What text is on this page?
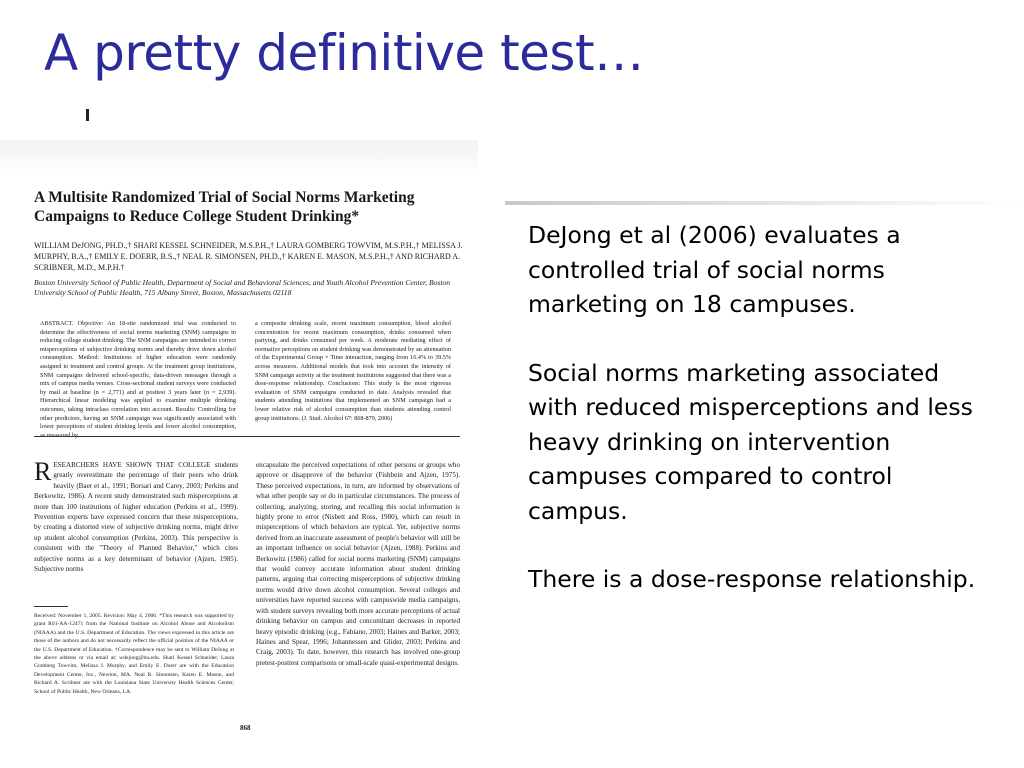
A pretty definitive test…
A Multisite Randomized Trial of Social Norms Marketing Campaigns to Reduce College Student Drinking*
WILLIAM DeJONG, PH.D.,† SHARI KESSEL SCHNEIDER, M.S.P.H.,† LAURA GOMBERG TOWVIM, M.S.P.H.,† MELISSA J. MURPHY, B.A.,† EMILY E. DOERR, B.S.,† NEAL R. SIMONSEN, PH.D.,† KAREN E. MASON, M.S.P.H.,† AND RICHARD A. SCRIBNER, M.D., M.P.H.†
Boston University School of Public Health, Department of Social and Behavioral Sciences, and Youth Alcohol Prevention Center, Boston University School of Public Health, 715 Albany Street, Boston, Massachusetts 02118
ABSTRACT. Objective: An 18-site randomized trial was conducted to determine the effectiveness of social norms marketing (SNM) campaigns in reducing college student drinking. The SNM campaigns are intended to correct misperceptions of subjective drinking norms and thereby drive down alcohol consumption. Method: Institutions of higher education were randomly assigned to treatment and control groups. At the treatment group institutions, SNM campaigns delivered school-specific, data-driven messages through a mix of campus media venues. Cross-sectional student surveys were conducted by mail at baseline (n = 2,771) and at posttest 3 years later (n = 2,939). Hierarchical linear modeling was applied to examine multiple drinking outcomes, taking intraclass correlation into account. Results: Controlling for other predictors, having an SNM campaign was significantly associated with lower perceptions of student drinking levels and lower alcohol consumption,
a composite drinking scale, recent maximum consumption, blood alcohol concentration for recent maximum consumption, drinks consumed when partying, and drinks consumed per week. A moderate mediating effect of normative perceptions on student drinking was demonstrated by an attenuation of the Experimental Group × Time interaction, ranging from 16.4% to 39.5% across measures. Additional models that took into account the intensity of SNM campaign activity at the treatment institutions suggested that there was a dose-response relationship. Conclusions: This study is the most rigorous evaluation of SNM campaigns conducted to date. Analysis revealed that students attending institutions that implemented an SNM campaign had a lower relative risk of alcohol consumption than students attending control group institutions. (J. Stud. Alcohol 67: 868-879, 2006)
RESEARCHERS HAVE SHOWN THAT COLLEGE students greatly overestimate the percentage of their peers who drink heavily (Baer et al., 1991; Borsari and Carey, 2003; Perkins and Berkowitz, 1986). A recent study demonstrated such misperceptions at more than 100 institutions of higher education (Perkins et al., 1999). Prevention experts have expressed concern that these misperceptions, by creating a distorted view of subjective drinking norms, might drive up student alcohol consumption (Perkins, 2003). This perspective is consistent with the "Theory of Planned Behavior," which cites subjective norms as a key determinant of behavior (Ajzen, 1985). Subjective norms
encapsulate the perceived expectations of other persons or groups who approve or disapprove of the behavior (Fishbein and Ajzen, 1975). These perceived expectations, in turn, are informed by observations of what other people say or do in particular circumstances. The process of collecting, analyzing, storing, and recalling this social information is highly prone to error (Nisbett and Ross, 1980), which can result in misperceptions of which behaviors are typical. Yet, subjective norms derived from an inaccurate assessment of people's behavior will still be an important influence on social behavior (Ajzen, 1988). Perkins and Berkowitz (1986) called for social norms marketing (SNM) campaigns that would convey accurate information about student drinking patterns, arguing that correcting misperceptions of subjective drinking norms would drive down alcohol consumption. Several colleges and universities have reported success with campuswide media campaigns, with student surveys revealing both more accurate perceptions of actual drinking behavior on campus and concomitant decreases in reported heavy episodic drinking (e.g., Fabiano, 2003; Haines and Barker, 2003; Haines and Spear, 1996; Johannessen and Glider, 2003; Perkins and Craig, 2003). To date, however, this research has involved one-group pretest-posttest comparisons or small-scale quasi-experimental designs.
Received: November 1, 2005. Revision: May 4, 2006. *This research was supported by grant R01-AA-12471 from the National Institute on Alcohol Abuse and Alcoholism (NIAAA) and the U.S. Department of Education. The views expressed in this article are those of the authors and do not necessarily reflect the official position of the NIAAA or the U.S. Department of Education. †Correspondence may be sent to William DeJong at the above address or via email at: wdejong@bu.edu. Shari Kessel Schneider, Laura Gomberg Towvim, Melissa J. Murphy, and Emily E. Doerr are with the Education Development Center, Inc., Newton, MA. Neal R. Simonsen, Karen E. Mason, and Richard A. Scribner are with the Louisiana State University Health Sciences Center, School of Public Health, New Orleans, LA.
868

DeJong et al (2006) evaluates a controlled trial of social norms marketing on 18 campuses.

Social norms marketing associated with reduced misperceptions and less heavy drinking on intervention campuses compared to control campus.

There is a dose-response relationship.
